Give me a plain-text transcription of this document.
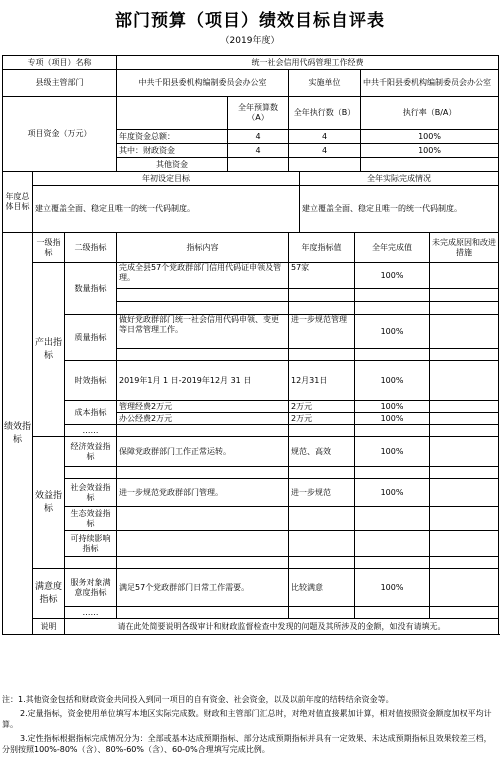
部门预算（项目）绩效目标自评表
（2019年度）
专项（项目）名称			统一社会信用代码管理工作经费						
县级主管部门			中共千阳县委机构编制委员会办公室		实施单位			中共千阳县委机构编制委员会办公室	
项目资金（万元）				全年预算数（A）	全年执行数（B）			执行率（B/A）	
			年度资金总额：	4	4			100%	
			其中：财政资金	4	4			100%	
			其他资金						
年度总体目标	年初设定目标					全年实际完成情况			
	建立覆盖全面、稳定且唯一的统一代码制度。					建立覆盖全面、稳定且唯一的统一代码制度。			
绩效指标	一级指标	二级指标	指标内容		年度指标值		全年完成值		未完成原因和改进措施
	产出指标	数量指标	完成全县57个党政群部门信用代码证申领及管理。		57家		100%		

		质量指标	做好党政群部门统一社会信用代码申领、变更等日常管理工作。		进一步规范管理		100%		

		时效指标	2019年1月 1 日-2019年12月 31 日		12月31日		100%		
		成本指标	管理经费2万元		2万元		100%		
			办公经费2万元		2万元		100%		
		……							
	效益指标	经济效益指标	保障党政群部门工作正常运转。		规范、高效		100%		

		社会效益指标	进一步规范党政群部门管理。		进一步规范		100%		
		生态效益指标							
		可持续影响指标							

	满意度指标	服务对象满意度指标	满足57个党政群部门日常工作需要。		比较满意		100%		
		……							
	说明	请在此处简要说明各级审计和财政监督检查中发现的问题及其所涉及的金额，如没有请填无。							

注：1.其他资金包括和财政资金共同投入到同一项目的自有资金、社会资金，以及以前年度的结转结余资金等。

2.定量指标，资金使用单位填写本地区实际完成数。财政和主管部门汇总时，对绝对值直接累加计算，相对值按照资金额度加权平均计算。

3.定性指标根据指标完成情况分为：全部或基本达成预期指标、部分达成预期指标并具有一定效果、未达成预期指标且效果较差三档，分别按照100%-80%（含）、80%-60%（含）、60-0%合理填写完成比例。
